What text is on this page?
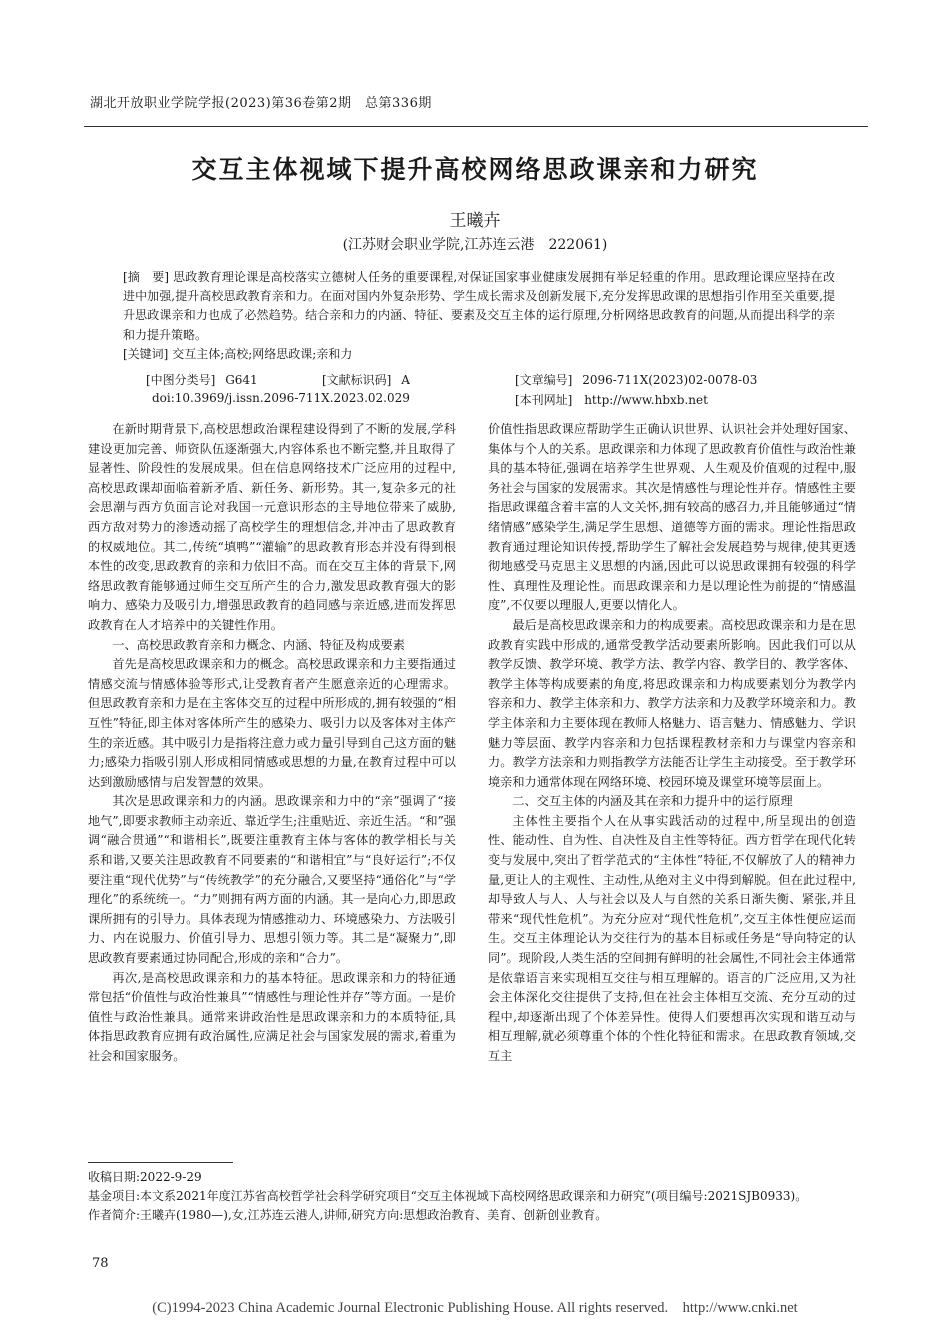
湖北开放职业学院学报(2023)第36卷第2期　总第336期
交互主体视域下提升高校网络思政课亲和力研究
王曦卉
(江苏财会职业学院,江苏连云港　222061)
[摘　要] 思政教育理论课是高校落实立德树人任务的重要课程,对保证国家事业健康发展拥有举足轻重的作用。思政理论课应坚持在改进中加强,提升高校思政教育亲和力。在面对国内外复杂形势、学生成长需求及创新发展下,充分发挥思政课的思想指引作用至关重要,提升思政课亲和力也成了必然趋势。结合亲和力的内涵、特征、要素及交互主体的运行原理,分析网络思政教育的问题,从而提出科学的亲和力提升策略。
[关键词] 交互主体;高校;网络思政课;亲和力
[中图分类号] G641	[文献标识码] A	[文章编号] 2096-711X(2023)02-0078-03
doi:10.3969/j.issn.2096-711X.2023.02.029	[本刊网址] http://www.hbxb.net

在新时期背景下,高校思想政治课程建设得到了不断的发展,学科建设更加完善、师资队伍逐渐强大,内容体系也不断完整,并且取得了显著性、阶段性的发展成果。但在信息网络技术广泛应用的过程中,高校思政课却面临着新矛盾、新任务、新形势。其一,复杂多元的社会思潮与西方负面言论对我国一元意识形态的主导地位带来了威胁,西方敌对势力的渗透动摇了高校学生的理想信念,并冲击了思政教育的权威地位。其二,传统“填鸭”“灌输”的思政教育形态并没有得到根本性的改变,思政教育的亲和力依旧不高。而在交互主体的背景下,网络思政教育能够通过师生交互所产生的合力,激发思政教育强大的影响力、感染力及吸引力,增强思政教育的趋同感与亲近感,进而发挥思政教育在人才培养中的关键性作用。

一、高校思政教育亲和力概念、内涵、特征及构成要素

首先是高校思政课亲和力的概念。高校思政课亲和力主要指通过情感交流与情感体验等形式,让受教育者产生愿意亲近的心理需求。但思政教育亲和力是在主客体交互的过程中所形成的,拥有较强的“相互性”特征,即主体对客体所产生的感染力、吸引力以及客体对主体产生的亲近感。其中吸引力是指将注意力或力量引导到自己这方面的魅力;感染力指吸引别人形成相同情感或思想的力量,在教育过程中可以达到激励感情与启发智慧的效果。

其次是思政课亲和力的内涵。思政课亲和力中的“亲”强调了“接地气”,即要求教师主动亲近、靠近学生;注重贴近、亲近生活。“和”强调“融合贯通”“和谐相长”,既要注重教育主体与客体的教学相长与关系和谐,又要关注思政教育不同要素的“和谐相宜”与“良好运行”;不仅要注重“现代优势”与“传统教学”的充分融合,又要坚持“通俗化”与“学理化”的系统统一。“力”则拥有两方面的内涵。其一是向心力,即思政课所拥有的引导力。具体表现为情感推动力、环境感染力、方法吸引力、内在说服力、价值引导力、思想引领力等。其二是“凝聚力”,即思政教育要素通过协同配合,形成的亲和“合力”。

再次,是高校思政课亲和力的基本特征。思政课亲和力的特征通常包括“价值性与政治性兼具”“情感性与理论性并存”等方面。一是价值性与政治性兼具。通常来讲政治性是思政课亲和力的本质特征,具体指思政教育应拥有政治属性,应满足社会与国家发展的需求,着重为社会和国家服务。

价值性指思政课应帮助学生正确认识世界、认识社会并处理好国家、集体与个人的关系。思政课亲和力体现了思政教育价值性与政治性兼具的基本特征,强调在培养学生世界观、人生观及价值观的过程中,服务社会与国家的发展需求。其次是情感性与理论性并存。情感性主要指思政课蕴含着丰富的人文关怀,拥有较高的感召力,并且能够通过“情绪情感”感染学生,满足学生思想、道德等方面的需求。理论性指思政教育通过理论知识传授,帮助学生了解社会发展趋势与规律,使其更透彻地感受马克思主义思想的内涵,因此可以说思政课拥有较强的科学性、真理性及理论性。而思政课亲和力是以理论性为前提的“情感温度”,不仅要以理服人,更要以情化人。

最后是高校思政课亲和力的构成要素。高校思政课亲和力是在思政教育实践中形成的,通常受教学活动要素所影响。因此我们可以从教学反馈、教学环境、教学方法、教学内容、教学目的、教学客体、教学主体等构成要素的角度,将思政课亲和力构成要素划分为教学内容亲和力、教学主体亲和力、教学方法亲和力及教学环境亲和力。教学主体亲和力主要体现在教师人格魅力、语言魅力、情感魅力、学识魅力等层面、教学内容亲和力包括课程教材亲和力与课堂内容亲和力。教学方法亲和力则指教学方法能否让学生主动接受。至于教学环境亲和力通常体现在网络环境、校园环境及课堂环境等层面上。

二、交互主体的内涵及其在亲和力提升中的运行原理

主体性主要指个人在从事实践活动的过程中,所呈现出的创造性、能动性、自为性、自决性及自主性等特征。西方哲学在现代化转变与发展中,突出了哲学范式的“主体性”特征,不仅解放了人的精神力量,更让人的主观性、主动性,从绝对主义中得到解脱。但在此过程中,却导致人与人、人与社会以及人与自然的关系日渐失衡、紧张,并且带来“现代性危机”。为充分应对“现代性危机”,交互主体性便应运而生。交互主体理论认为交往行为的基本目标或任务是“导向特定的认同”。现阶段,人类生活的空间拥有鲜明的社会属性,不同社会主体通常是依靠语言来实现相互交往与相互理解的。语言的广泛应用,又为社会主体深化交往提供了支持,但在社会主体相互交流、充分互动的过程中,却逐渐出现了个体差异性。使得人们要想再次实现和谐互动与相互理解,就必须尊重个体的个性化特征和需求。在思政教育领域,交互主

收稿日期:2022-9-29
基金项目:本文系2021年度江苏省高校哲学社会科学研究项目“交互主体视域下高校网络思政课亲和力研究”(项目编号:2021SJB0933)。
作者简介:王曦卉(1980—),女,江苏连云港人,讲师,研究方向:思想政治教育、美育、创新创业教育。
78
(C)1994-2023 China Academic Journal Electronic Publishing House. All rights reserved.　http://www.cnki.net
